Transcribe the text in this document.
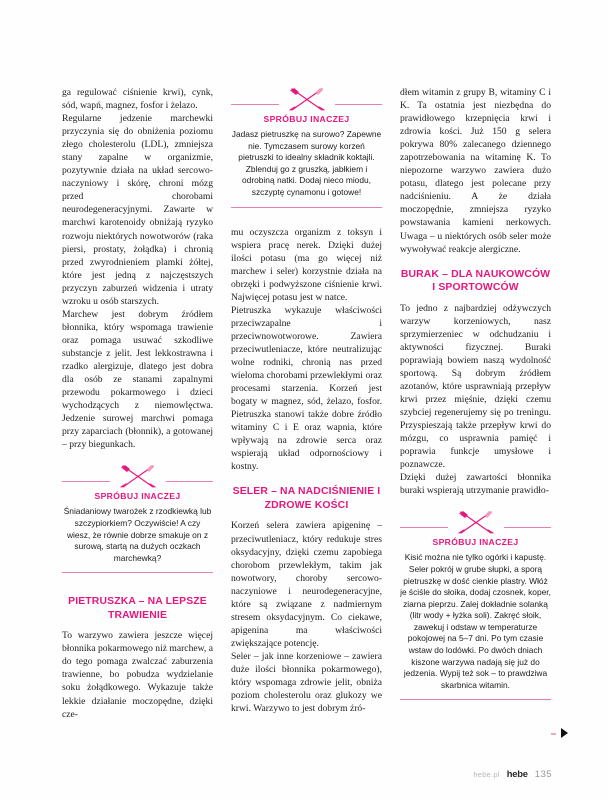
ga regulować ciśnienie krwi), cynk, sód, wapń, magnez, fosfor i żelazo.

Regularne jedzenie marchewki przyczynia się do obniżenia poziomu złego cholesterolu (LDL), zmniejsza stany zapalne w organizmie, pozytywnie działa na układ sercowo-naczyniowy i skórę, chroni mózg przed chorobami neurodegeneracyjnymi. Zawarte w marchwi karotenoidy obniżają ryzyko rozwoju niektórych nowotworów (raka piersi, prostaty, żołądka) i chronią przed zwyrodnieniem plamki żółtej, które jest jedną z najczęstszych przyczyn zaburzeń widzenia i utraty wzroku u osób starszych.

Marchew jest dobrym źródłem błonnika, który wspomaga trawienie oraz pomaga usuwać szkodliwe substancje z jelit. Jest lekkostrawna i rzadko alergizuje, dlatego jest dobra dla osób ze stanami zapalnymi przewodu pokarmowego i dzieci wychodzących z niemowlęctwa. Jedzenie surowej marchwi pomaga przy zaparciach (błonnik), a gotowanej – przy biegunkach.

SPRÓBUJ INACZEJ
Śniadaniowy twarożek z rzodkiewką lub szczypiorkiem? Oczywiście! A czy wiesz, że równie dobrze smakuje on z surową, startą na dużych oczkach marchewką?
PIETRUSZKA – NA LEPSZE TRAWIENIE

To warzywo zawiera jeszcze więcej błonnika pokarmowego niż marchew, a do tego pomaga zwalczać zaburzenia trawienne, bo pobudza wydzielanie soku żołądkowego. Wykazuje także lekkie działanie moczopędne, dzięki cze-

SPRÓBUJ INACZEJ
Jadasz pietruszkę na surowo? Zapewne nie. Tymczasem surowy korzeń pietruszki to idealny składnik koktajli. Zblenduj go z gruszką, jabłkiem i odrobiną natki. Dodaj nieco miodu, szczyptę cynamonu i gotowe!

mu oczyszcza organizm z toksyn i wspiera pracę nerek. Dzięki dużej ilości potasu (ma go więcej niż marchew i seler) korzystnie działa na obrzęki i podwyższone ciśnienie krwi. Najwięcej potasu jest w natce.

Pietruszka wykazuje właściwości przeciwzapalne i przeciwnowotworowe. Zawiera przeciwutleniacze, które neutralizując wolne rodniki, chronią nas przed wieloma chorobami przewlekłymi oraz procesami starzenia. Korzeń jest bogaty w magnez, sód, żelazo, fosfor. Pietruszka stanowi także dobre źródło witaminy C i E oraz wapnia, które wpływają na zdrowie serca oraz wspierają układ odpornościowy i kostny.

SELER – NA NADCIŚNIENIE I ZDROWE KOŚCI

Korzeń selera zawiera apigeninę – przeciwutleniacz, który redukuje stres oksydacyjny, dzięki czemu zapobiega chorobom przewlekłym, takim jak nowotwory, choroby sercowo-naczyniowe i neurodegeneracyjne, które są związane z nadmiernym stresem oksydacyjnym. Co ciekawe, apigenina ma właściwości zwiększające potencję.

Seler – jak inne korzeniowe – zawiera duże ilości błonnika pokarmowego), który wspomaga zdrowie jelit, obniża poziom cholesterolu oraz glukozy we krwi. Warzywo to jest dobrym źró-

dłem witamin z grupy B, witaminy C i K. Ta ostatnia jest niezbędna do prawidłowego krzepnięcia krwi i zdrowia kości. Już 150 g selera pokrywa 80% zalecanego dziennego zapotrzebowania na witaminę K. To niepozorne warzywo zawiera dużo potasu, dlatego jest polecane przy nadciśnieniu. A że działa moczopędnie, zmniejsza ryzyko powstawania kamieni nerkowych. Uwaga – u niektórych osób seler może wywoływać reakcje alergiczne.

BURAK – DLA NAUKOWCÓW I SPORTOWCÓW

To jedno z najbardziej odżywczych warzyw korzeniowych, nasz sprzymierzeniec w odchudzaniu i aktywności fizycznej. Buraki poprawiają bowiem naszą wydolność sportową. Są dobrym źródłem azotanów, które usprawniają przepływ krwi przez mięśnie, dzięki czemu szybciej regenerujemy się po treningu. Przyspieszają także przepływ krwi do mózgu, co usprawnia pamięć i poprawia funkcje umysłowe i poznawcze.

Dzięki dużej zawartości błonnika buraki wspierają utrzymanie prawidło-

SPRÓBUJ INACZEJ
Kisić można nie tylko ogórki i kapustę. Seler pokrój w grube słupki, a sporą pietruszkę w dość cienkie plastry. Włóż je ściśle do słoika, dodaj czosnek, koper, ziarna pieprzu. Zalej dokładnie solanką (litr wody + łyżka soli). Zakręć słoik, zawekuj i odstaw w temperaturze pokojowej na 5–7 dni. Po tym czasie wstaw do lodówki. Po dwóch dniach kiszone warzywa nadają się już do jedzenia. Wypij też sok – to prawdziwa skarbnica witamin.
hebe.pl hebe 135
